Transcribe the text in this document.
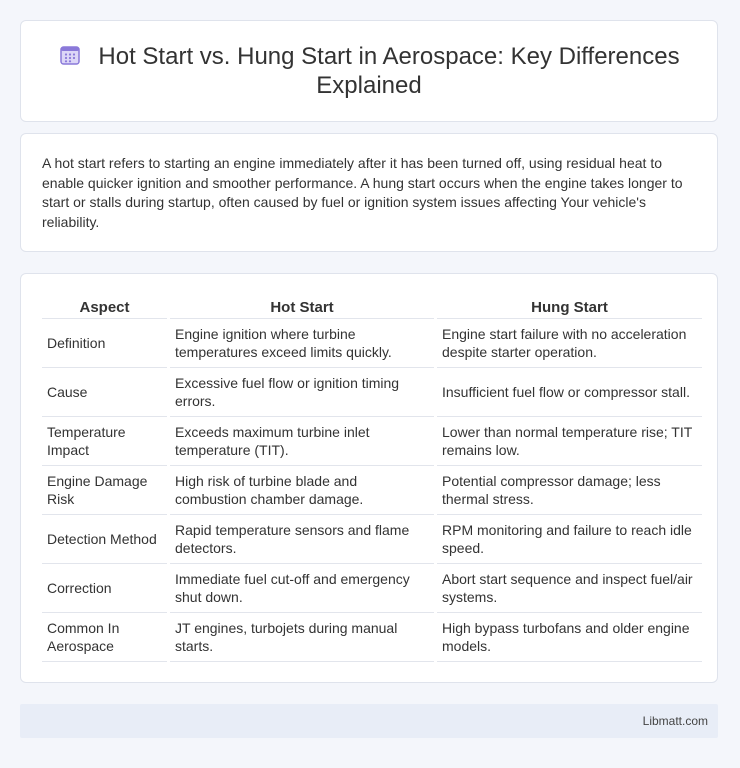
Hot Start vs. Hung Start in Aerospace: Key Differences Explained

A hot start refers to starting an engine immediately after it has been turned off, using residual heat to enable quicker ignition and smoother performance. A hung start occurs when the engine takes longer to start or stalls during startup, often caused by fuel or ignition system issues affecting Your vehicle's reliability.

Aspect	Hot Start	Hung Start
Definition	Engine ignition where turbine temperatures exceed limits quickly.	Engine start failure with no acceleration despite starter operation.
Cause	Excessive fuel flow or ignition timing errors.	Insufficient fuel flow or compressor stall.
Temperature Impact	Exceeds maximum turbine inlet temperature (TIT).	Lower than normal temperature rise; TIT remains low.
Engine Damage Risk	High risk of turbine blade and combustion chamber damage.	Potential compressor damage; less thermal stress.
Detection Method	Rapid temperature sensors and flame detectors.	RPM monitoring and failure to reach idle speed.
Correction	Immediate fuel cut-off and emergency shut down.	Abort start sequence and inspect fuel/air systems.
Common In Aerospace	JT engines, turbojets during manual starts.	High bypass turbofans and older engine models.
Libmatt.com
